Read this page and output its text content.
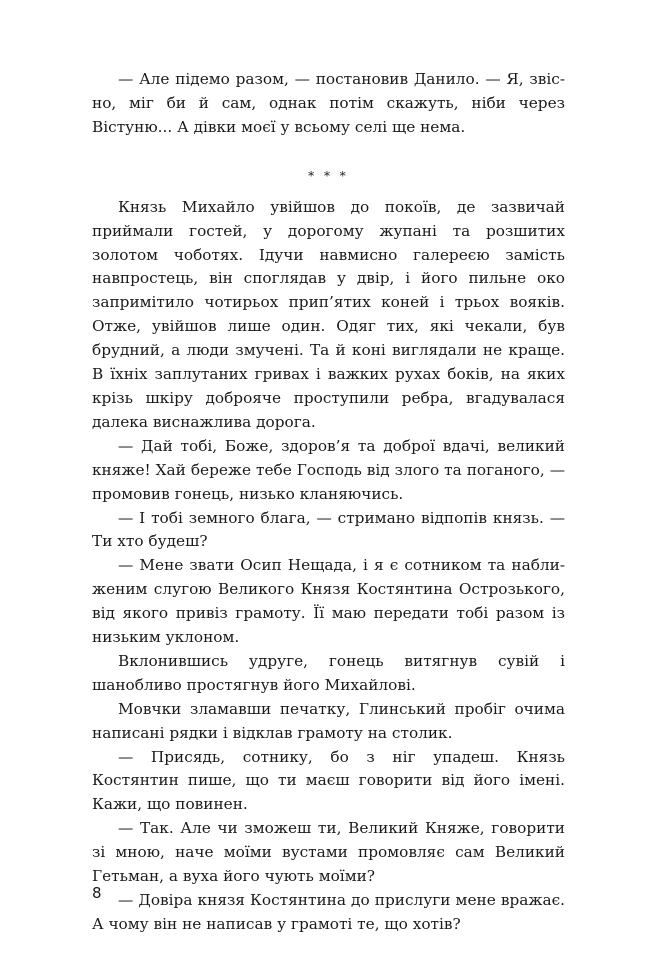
— Але підемо разом, — постановив Данило. — Я, звісно, міг би й сам, однак потім скажуть, ніби через Вістуню... А дівки моєї у всьому селі ще нема.

* * *

Князь Михайло увійшов до покоїв, де зазвичай приймали гостей, у дорогому жупані та розшитих золотом чоботях. Ідучи навмисно галереєю замість навпростець, він споглядав у двір, і його пильне око запримітило чотирьох прип’ятих коней і трьох вояків. Отже, увійшов лише один. Одяг тих, які чекали, був брудний, а люди змучені. Та й коні виглядали не краще. В їхніх заплутаних гривах і важких рухах боків, на яких крізь шкіру доброяче проступили ребра, вгадувалася далека виснажлива дорога.

— Дай тобі, Боже, здоров’я та доброї вдачі, великий княже! Хай береже тебе Господь від злого та поганого, — промовив гонець, низько кланяючись.

— І тобі земного блага, — стримано відпопів князь. —Ти хто будеш?

— Мене звати Осип Нещада, і я є сотником та наближеним слугою Великого Князя Костянтина Острозького, від якого привіз грамоту. Її маю передати тобі разом із низьким уклоном.

Вклонившись удруге, гонець витягнув сувій і шанобливо простягнув його Михайлові.

Мовчки зламавши печатку, Глинський пробіг очима написані рядки і відклав грамоту на столик.

— Присядь, сотнику, бо з ніг упадеш. Князь Костянтин пише, що ти маєш говорити від його імені. Кажи, що повинен.

— Так. Але чи зможеш ти, Великий Княже, говорити зі мною, наче моїми вустами промовляє сам Великий Гетьман, а вуха його чують моїми?

— Довіра князя Костянтина до прислуги мене вражає. А чому він не написав у грамоті те, що хотів?

8
